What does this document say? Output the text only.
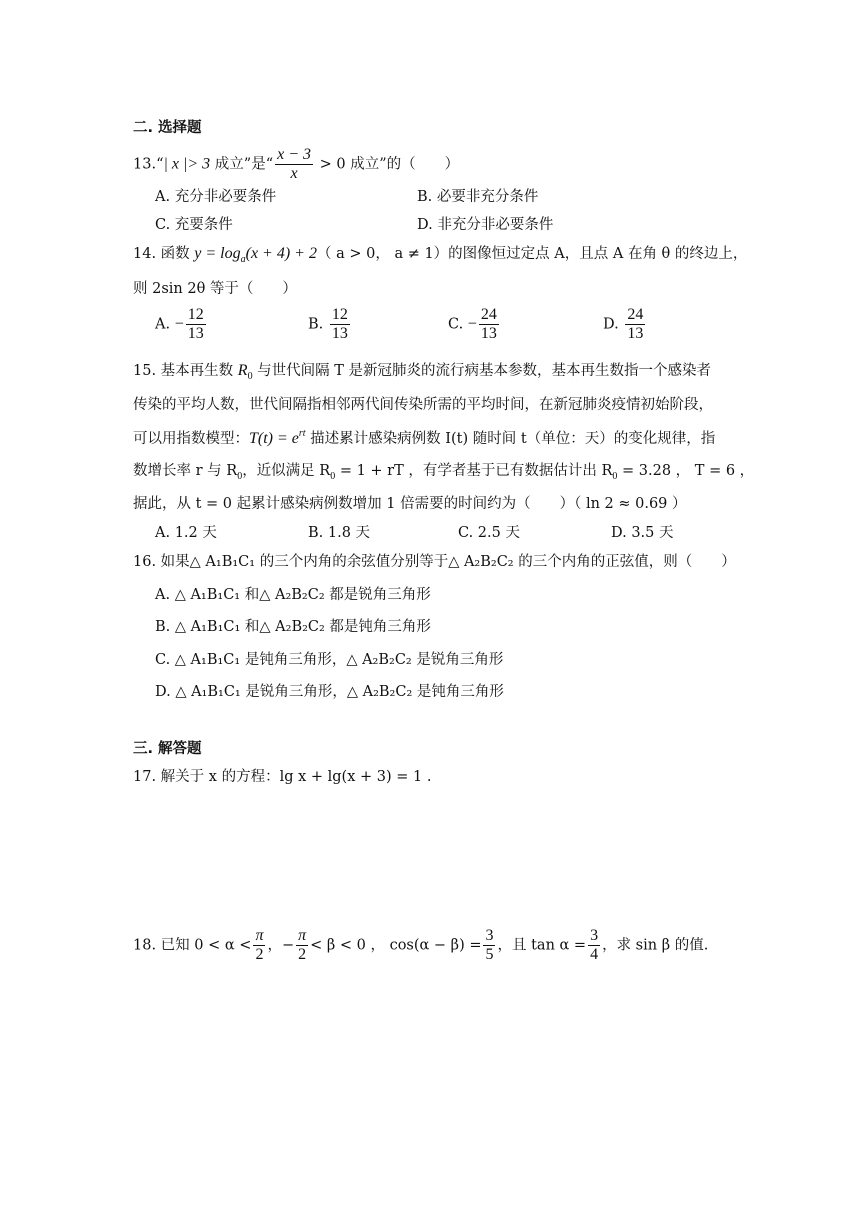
二. 选择题
13.“| x |> 3 成立”是“ $\frac{x - 3}{x} > 0$ 成立”的（　　）
A. 充分非必要条件	B. 必要非充分条件
C. 充要条件	D. 非充分非必要条件
14. 函数 $y = \log_a(x + 4) + 2$（ a > 0， a ≠ 1）的图像恒过定点 A，且点 A 在角 θ 的终边上，
则 2sin 2θ 等于（　　）
A. − $\frac{12}{13}$	B. $\frac{12}{13}$	C. − $\frac{24}{13}$	D. $\frac{24}{13}$
15. 基本再生数 $R_0$ 与世代间隔 T 是新冠肺炎的流行病基本参数，基本再生数指一个感染者
传染的平均人数，世代间隔指相邻两代间传染所需的平均时间，在新冠肺炎疫情初始阶段，
可以用指数模型：$T(t) = e^{rt}$ 描述累计感染病例数 I(t) 随时间 t（单位：天）的变化规律，指
数增长率 r 与 $R_0$，近似满足 $R_0 = 1$ + rT ，有学者基于已有数据估计出 $R_0 = 3.28$ ， T = 6 ，
据此，从 t = 0 起累计感染病例数增加 1 倍需要的时间约为（　　）（ ln 2 ≈ 0.69 ）
A. 1.2 天	B. 1.8 天	C. 2.5 天	D. 3.5 天
16. 如果△ A₁B₁C₁ 的三个内角的余弦值分别等于△ A₂B₂C₂ 的三个内角的正弦值，则（　　）
A. △ A₁B₁C₁ 和△ A₂B₂C₂ 都是锐角三角形
B. △ A₁B₁C₁ 和△ A₂B₂C₂ 都是钝角三角形
C. △ A₁B₁C₁ 是钝角三角形，△ A₂B₂C₂ 是锐角三角形
D. △ A₁B₁C₁ 是锐角三角形，△ A₂B₂C₂ 是钝角三角形
三. 解答题
17. 解关于 x 的方程：lg x + lg(x + 3) = 1 .
18. 已知 $0 < \alpha < \frac{\pi}{2}$ ，− $\frac{\pi}{2} < \beta < 0$ ， $\cos(\alpha - \beta) = \frac{3}{5}$ ，且 $\tan \alpha = \frac{3}{4}$ ，求 sin β 的值.
